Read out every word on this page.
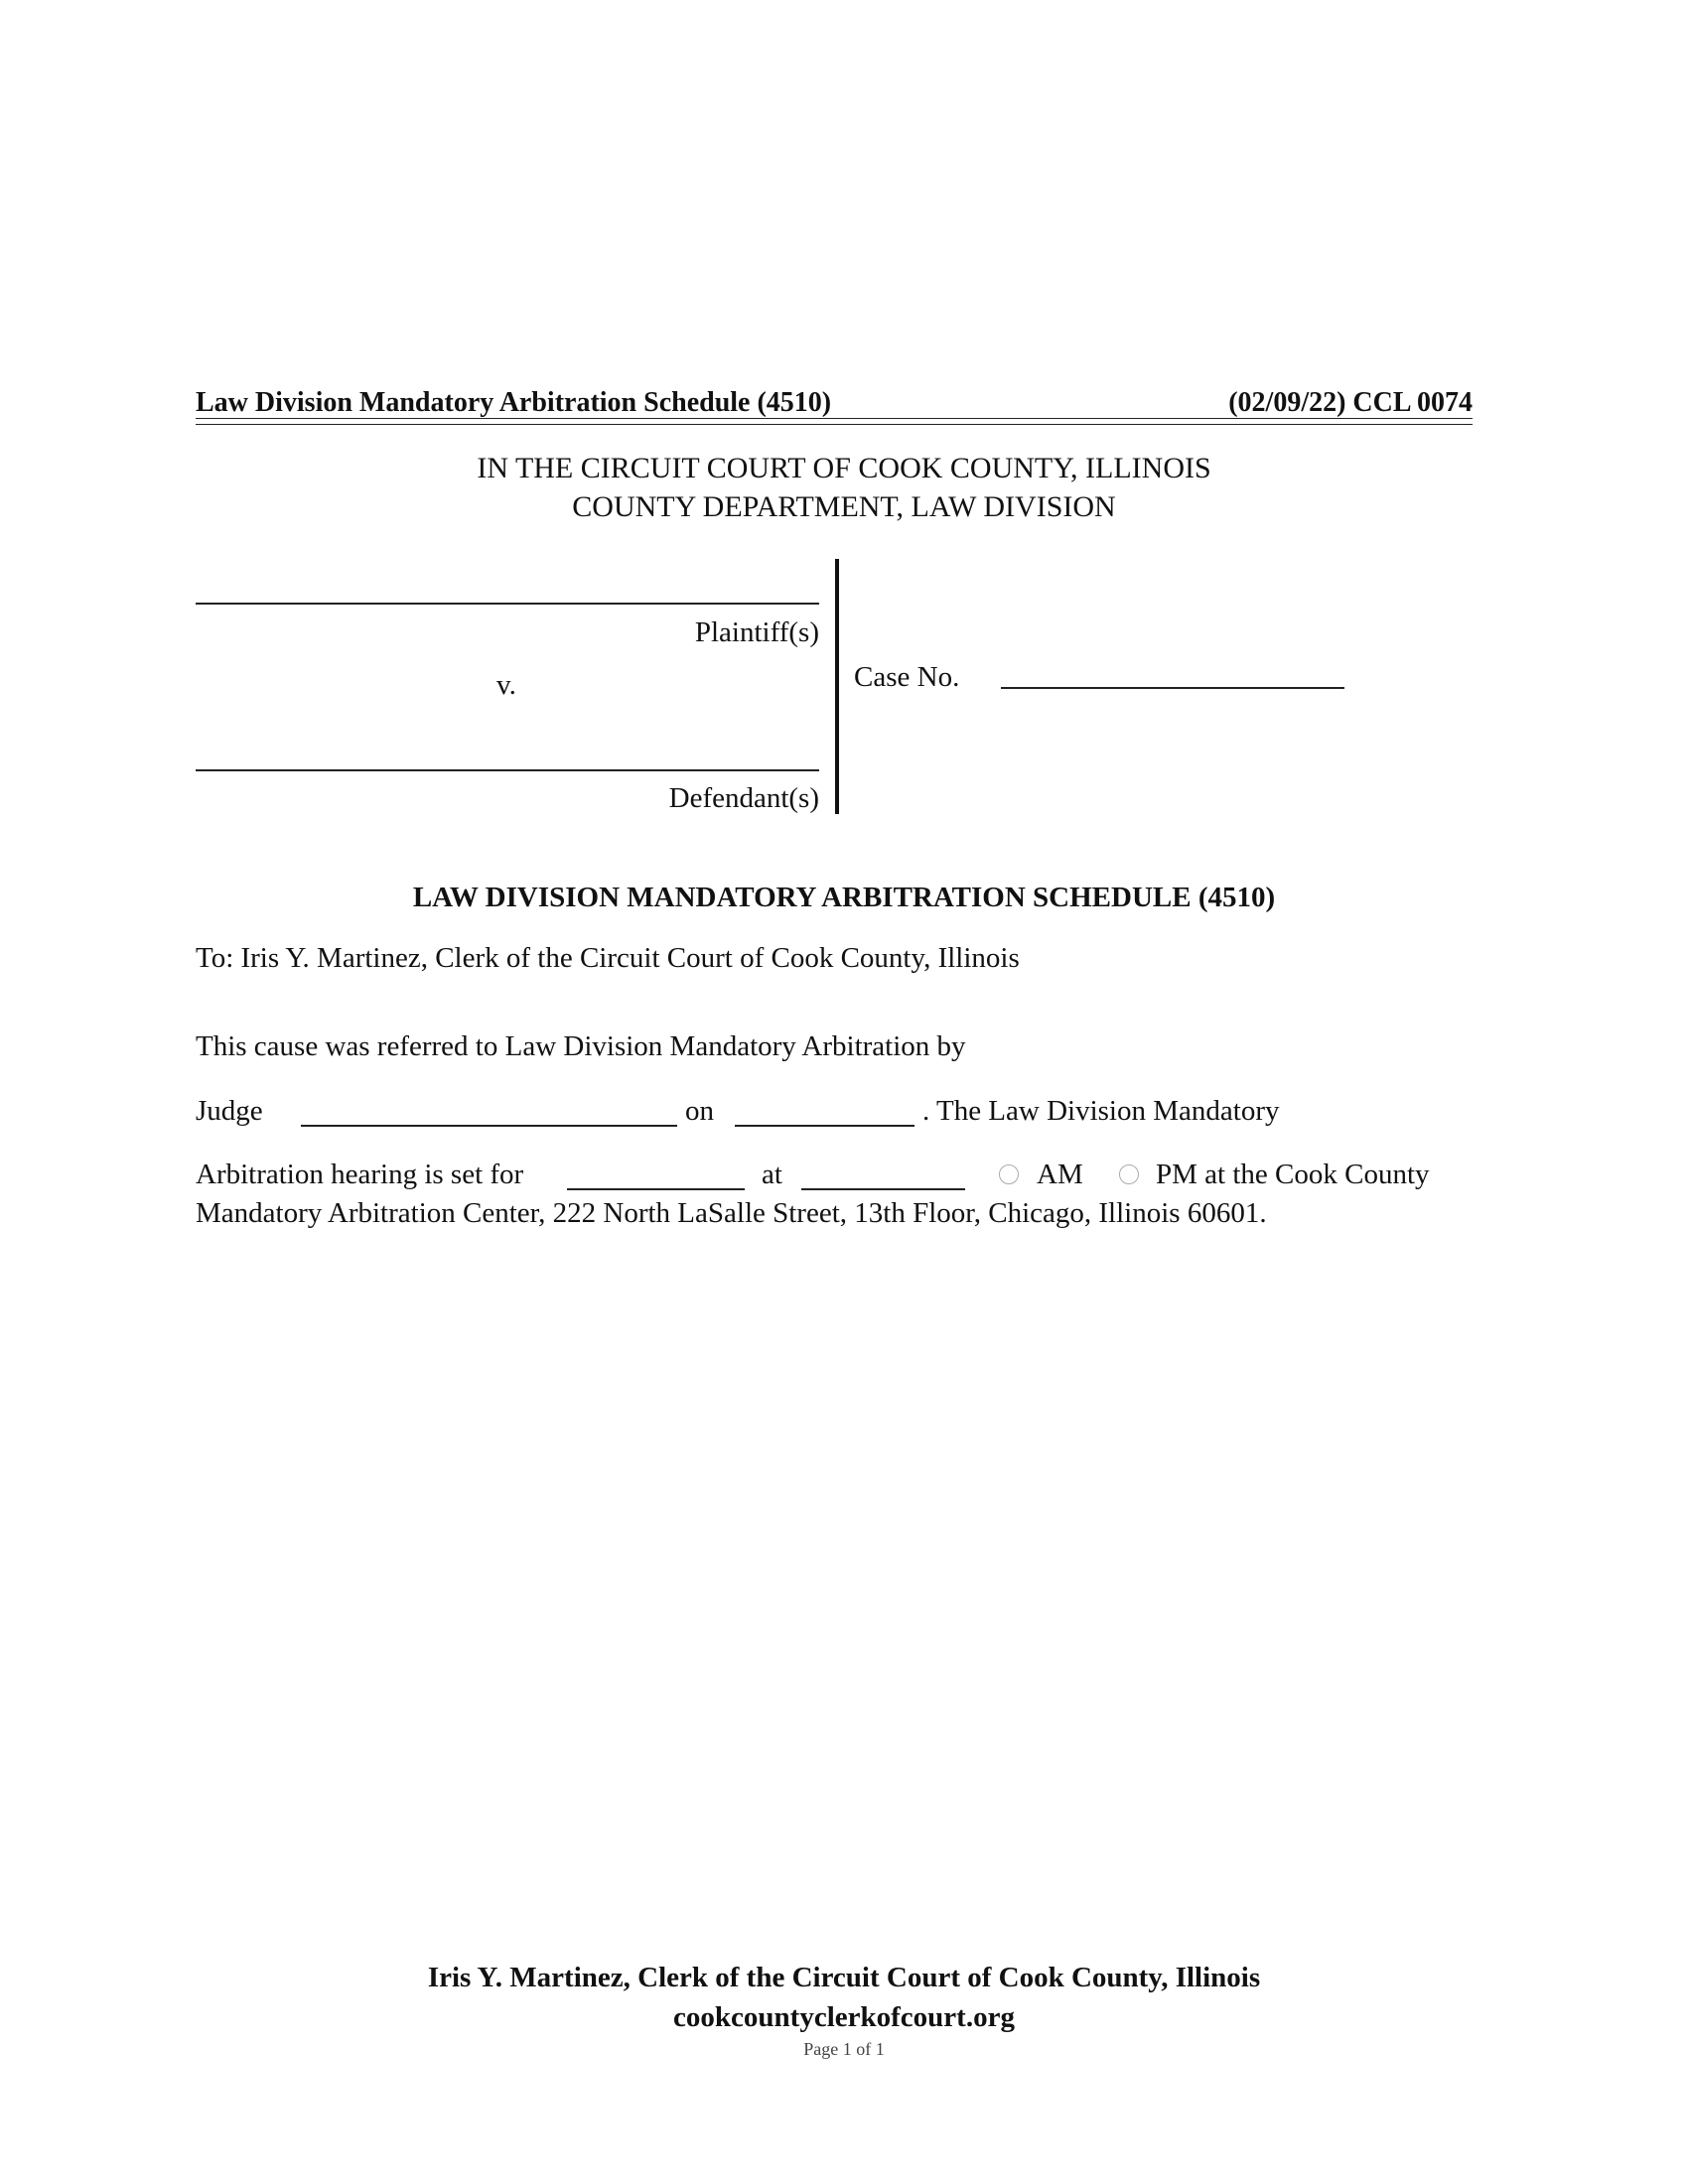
Law Division Mandatory Arbitration Schedule (4510)	(02/09/22) CCL 0074
IN THE CIRCUIT COURT OF COOK COUNTY, ILLINOIS
COUNTY DEPARTMENT, LAW DIVISION
Plaintiff(s)
v.
Defendant(s)
Case No.
LAW DIVISION MANDATORY ARBITRATION SCHEDULE (4510)
To: Iris Y. Martinez, Clerk of the Circuit Court of Cook County, Illinois
This cause was referred to Law Division Mandatory Arbitration by
Judge	on	. The Law Division Mandatory
Arbitration hearing is set for	at	AM	PM at the Cook County
Mandatory Arbitration Center, 222 North LaSalle Street, 13th Floor, Chicago, Illinois 60601.
Iris Y. Martinez, Clerk of the Circuit Court of Cook County, Illinois
cookcountyclerkofcourt.org
Page 1 of 1
